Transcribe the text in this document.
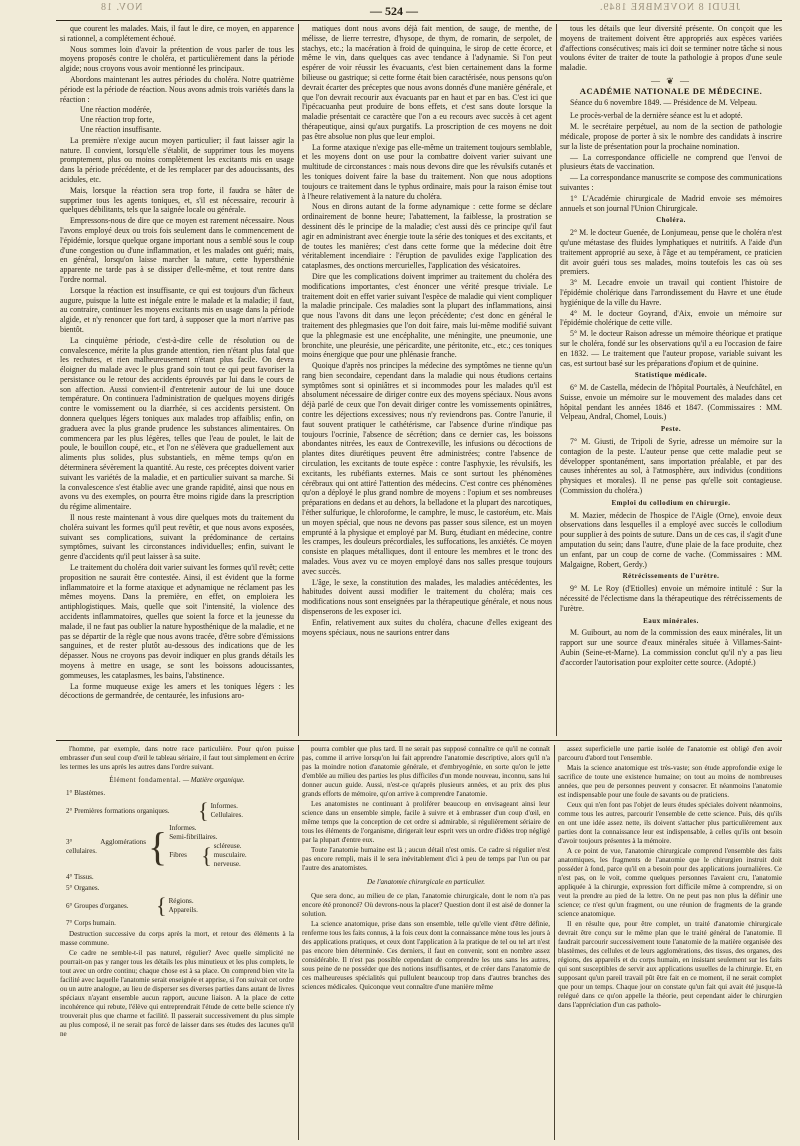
NOV. 18	— 524 —	JEUDI 8 NOVEMBRE 1849.

que courent les malades. Mais, il faut le dire, ce moyen, en apparence si rationnel, a complétement échoué.

Nous sommes loin d'avoir la prétention de vous parler de tous les moyens proposés contre le choléra, et particulièrement dans la période algide; nous croyons vous avoir mentionné les principaux.

Abordons maintenant les autres périodes du choléra. Notre quatrième période est la période de réaction. Nous avons admis trois variétés dans la réaction :

Une réaction modérée,
Une réaction trop forte,
Une réaction insuffisante.

La première n'exige aucun moyen particulier; il faut laisser agir la nature. Il convient, lorsqu'elle s'établit, de supprimer tous les moyens promptement, plus ou moins complètement les excitants mis en usage dans la période précédente, et de les remplacer par des adoucissants, des acidules, etc.

Mais, lorsque la réaction sera trop forte, il faudra se hâter de supprimer tous les agents toniques, et, s'il est nécessaire, recourir à quelques débilitants, tels que la saignée locale ou générale.

Empressons-nous de dire que ce moyen est rarement nécessaire. Nous l'avons employé deux ou trois fois seulement dans le commencement de l'épidémie, lorsque quelque organe important nous a semblé sous le coup d'une congestion ou d'une inflammation, et les malades ont guéri; mais, en général, lorsqu'on laisse marcher la nature, cette hypersthénie apparente ne tarde pas à se dissiper d'elle-même, et tout rentre dans l'ordre normal.

Lorsque la réaction est insuffisante, ce qui est toujours d'un fâcheux augure, puisque la lutte est inégale entre le malade et la maladie; il faut, au contraire, continuer les moyens excitants mis en usage dans la période algide, et n'y renoncer que fort tard, à supposer que la mort n'arrive pas bientôt.

La cinquième période, c'est-à-dire celle de résolution ou de convalescence, mérite la plus grande attention, rien n'étant plus fatal que les rechutes, et rien malheureusement n'étant plus facile. On devra éloigner du malade avec le plus grand soin tout ce qui peut favoriser la persistance ou le retour des accidents éprouvés par lui dans le cours de son affection. Aussi convient-il d'entretenir autour de lui une douce température. On continuera l'administration de quelques moyens dirigés contre le vomissement ou la diarrhée, si ces accidents persistent. On donnera quelques légers toniques aux malades trop affaiblis; enfin, on graduera avec la plus grande prudence les substances alimentaires. On commencera par les plus légères, telles que l'eau de poulet, le lait de poule, le bouillon coupé, etc., et l'on ne s'élèvera que graduellement aux aliments plus solides, plus substantiels, en même temps qu'on en déterminera sévèrement la quantité. Au reste, ces préceptes doivent varier suivant les variétés de la maladie, et en particulier suivant sa marche. Si la convalescence s'est établie avec une grande rapidité, ainsi que nous en avons vu des exemples, on pourra être moins rigide dans la prescription du régime alimentaire.

Il nous reste maintenant à vous dire quelques mots du traitement du choléra suivant les formes qu'il peut revêtir, et que nous avons exposées, suivant ses complications, suivant la prédominance de certains symptômes, suivant les circonstances individuelles; enfin, suivant le genre d'accidents qu'il peut laisser à sa suite.

Le traitement du choléra doit varier suivant les formes qu'il revêt; cette proposition ne saurait être contestée. Ainsi, il est évident que la forme inflammatoire et la forme ataxique et adynamique ne réclament pas les mêmes moyens. Dans la première, en effet, on emploiera les antiphlogistiques. Mais, quelle que soit l'intensité, la violence des accidents inflammatoires, quelles que soient la force et la jeunesse du malade, il ne faut pas oublier la nature hyposthénique de la maladie, et ne pas se départir de la règle que nous avons tracée, d'être sobre d'émissions sanguines, et de rester plutôt au-dessous des indications que de les dépasser. Nous ne croyons pas devoir indiquer en plus grands détails les moyens à mettre en usage, se sont les boissons adoucissantes, gommeuses, les cataplasmes, les bains, l'abstinence.

La forme muqueuse exige les amers et les toniques légers : les décoctions de germandrée, de centaurée, les infusions aro-

matiques dont nous avons déjà fait mention, de sauge, de menthe, de mélisse, de lierre terrestre, d'hysope, de thym, de romarin, de serpolet, de stachys, etc.; la macération à froid de quinquina, le sirop de cette écorce, et même le vin, dans quelques cas avec tendance à l'adynamie. Si l'on peut espérer de voir réussir les évacuants, c'est bien certainement dans la forme bilieuse ou gastrique; si cette forme était bien caractérisée, nous pensons qu'on devrait écarter des préceptes que nous avons donnés d'une manière générale, et que l'on devrait recourir aux évacuants par en haut et par en bas. C'est ici que l'ipécacuanha peut produire de bons effets, et c'est sans doute lorsque la maladie présentait ce caractère que l'on a eu recours avec succès à cet agent thérapeutique, ainsi qu'aux purgatifs. La proscription de ces moyens ne doit pas être absolue non plus que leur emploi.

La forme ataxique n'exige pas elle-même un traitement toujours semblable, et les moyens dont on use pour la combattre doivent varier suivant une multitude de circonstances : mais nous devons dire que les révulsifs cutanés et les toniques doivent faire la base du traitement. Non que nous adoptions toujours ce traitement dans le typhus ordinaire, mais pour la raison émise tout à l'heure relativement à la nature du choléra.

Nous en dirons autant de la forme adynamique : cette forme se déclare ordinairement de bonne heure; l'abattement, la faiblesse, la prostration se dessinent dès le principe de la maladie; c'est aussi dès ce principe qu'il faut agir en administrant avec énergie toute la série des toniques et des excitants, et de toutes les manières; c'est dans cette forme que la médecine doit être véritablement incendiaire : l'éruption de pavulides exige l'application des cataplasmes, des onctions mercurielles, l'application des vésicatoires.

Dire que les complications doivent imprimer au traitement du choléra des modifications importantes, c'est énoncer une vérité presque triviale. Le traitement doit en effet varier suivant l'espèce de maladie qui vient compliquer la maladie principale. Ces maladies sont la plupart des inflammations, ainsi que nous l'avons dit dans une leçon précédente; c'est donc en général le traitement des phlegmasies que l'on doit faire, mais lui-même modifié suivant que la phlegmasie est une encéphalite, une méningite, une pneumonie, une bronchite, une pleurésie, une péricardite, une péritonite, etc., etc.; ces toniques moins énergique que pour une phlénasie franche.

Quoique d'après nos principes la médecine des symptômes ne tienne qu'un rang bien secondaire, cependant dans la maladie qui nous étudions certains symptômes sont si opiniâtres et si incommodes pour les malades qu'il est absolument nécessaire de diriger contre eux des moyens spéciaux. Nous avons déjà parlé de ceux que l'on devait diriger contre les vomissements opiniâtres, contre les déjections excessives; nous n'y reviendrons pas. Contre l'anurie, il faut souvent pratiquer le cathétérisme, car l'absence d'urine n'indique pas toujours l'ocrinie, l'absence de sécrétion; dans ce dernier cas, les boissons abondantes nitrées, les eaux de Contrexeville, les infusions ou décoctions de plantes dites diurétiques peuvent être administrées; contre l'absence de circulation, les excitants de toute espèce : contre l'asphyxie, les révulsifs, les excitants, les rubéfiants externes. Mais ce sont surtout les phénomènes cérébraux qui ont attiré l'attention des médecins. C'est contre ces phénomènes qu'on a déployé le plus grand nombre de moyens : l'opium et ses nombreuses préparations en dedans et au dehors, la belladone et la plupart des narcotiques, l'éther sulfurique, le chloroforme, le camphre, le musc, le castoréum, etc. Mais un moyen spécial, que nous ne devons pas passer sous silence, est un moyen emprunté à la physique et employé par M. Burq, étudiant en médecine, contre les crampes, les douleurs précordiales, les suffocations, les anxiétés. Ce moyen consiste en plaques métalliques, dont il entoure les membres et le tronc des malades. Vous avez vu ce moyen employé dans nos salles presque toujours avec succès.

L'âge, le sexe, la constitution des malades, les maladies antécédentes, les habitudes doivent aussi modifier le traitement du choléra; mais ces modifications nous sont enseignées par la thérapeutique générale, et nous nous dispenserons de les exposer ici.

Enfin, relativement aux suites du choléra, chacune d'elles exigeant des moyens spéciaux, nous ne saurions entrer dans

tous les détails que leur diversité présente. On conçoit que les moyens de traitement doivent être appropriés aux espèces variées d'affections consécutives; mais ici doit se terminer notre tâche si nous voulons éviter de traiter de toute la pathologie à propos d'une seule maladie.

— ❦ —

ACADÉMIE NATIONALE DE MÉDECINE.

Séance du 6 novembre 1849. — Présidence de M. Velpeau.

Le procès-verbal de la dernière séance est lu et adopté.

M. le secrétaire perpétuel, au nom de la section de pathologie médicale, propose de porter à six le nombre des candidats à inscrire sur la liste de présentation pour la prochaine nomination.

— La correspondance officielle ne comprend que l'envoi de plusieurs états de vaccination.

— La correspondance manuscrite se compose des communications suivantes :

1° L'Académie chirurgicale de Madrid envoie ses mémoires annuels et son journal l'Union Chirurgicale.

Choléra.

2° M. le docteur Guenée, de Lonjumeau, pense que le choléra n'est qu'une métastase des fluides lymphatiques et nutritifs. A l'aide d'un traitement approprié au sexe, à l'âge et au tempérament, ce praticien dit avoir guéri tous ses malades, moins toutefois les cas où ses premiers.

3° M. Lecadre envoie un travail qui contient l'histoire de l'épidémie cholérique dans l'arrondissement du Havre et une étude hygiénique de la ville du Havre.

4° M. le docteur Goyrand, d'Aix, envoie un mémoire sur l'épidémie cholérique de cette ville.

5° M. le docteur Raison adresse un mémoire théorique et pratique sur le choléra, fondé sur les observations qu'il a eu l'occasion de faire en 1832. — Le traitement que l'auteur propose, variable suivant les cas, est surtout basé sur les préparations d'opium et de quinine.

Statistique médicale.

6° M. de Castella, médecin de l'hôpital Pourtalès, à Neufchâtel, en Suisse, envoie un mémoire sur le mouvement des malades dans cet hôpital pendant les années 1846 et 1847. (Commissaires : MM. Velpeau, Andral, Chomel, Louis.)

Peste.

7° M. Giusti, de Tripoli de Syrie, adresse un mémoire sur la contagion de la peste. L'auteur pense que cette maladie peut se développer spontanément, sans importation préalable, et par des causes inhérentes au sol, à l'atmosphère, aux individus (conditions physiques et morales). Il ne pense pas qu'elle soit contagieuse. (Commission du choléra.)

Emploi du collodium en chirurgie.

M. Mazier, médecin de l'hospice de l'Aigle (Orne), envoie deux observations dans lesquelles il a employé avec succès le collodium pour supplier à des points de suture. Dans un de ces cas, il s'agit d'une amputation du sein; dans l'autre, d'une plaie de la face produite, chez un enfant, par un coup de corne de vache. (Commissaires : MM. Malgaigne, Robert, Gerdy.)

Rétrécissements de l'urètre.

9° M. Le Roy (d'Etiolles) envoie un mémoire intitulé : Sur la nécessité de l'éclectisme dans la thérapeutique des rétrécissements de l'urètre.

Eaux minérales.

M. Guibourt, au nom de la commission des eaux minérales, lit un rapport sur une source d'eaux minérales située à Villames-Saint-Aubin (Seine-et-Marne). La commission conclut qu'il n'y a pas lieu d'accorder l'autorisation pour exploiter cette source. (Adopté.)

l'homme, par exemple, dans notre race particulière. Pour qu'on puisse embrasser d'un seul coup d'œil le tableau sériaire, il faut tout simplement en écrire les termes les uns après les autres dans l'ordre suivant.

Élément fondamental. — Matière organique.

1° Blastèmes.
2° Premières formations organiques.	{ Informes.
Cellulaires.
3° Agglomérations cellulaires.	{ Informes.
Semi-fibrillaires.
Fibres { scléreuse.
musculaire.
nerveuse.
4° Tissus.
5° Organes.
6° Groupes d'organes.	{ Régions.
Appareils.
7° Corps humain.

Destruction successive du corps après la mort, et retour des éléments à la masse commune.

Ce cadre ne semble-t-il pas naturel, régulier? Avec quelle simplicité ne pourrait-on pas y ranger tous les détails les plus minutieux et les plus complets, le tout avec un ordre continu; chaque chose est à sa place. On comprend bien vite la facilité avec laquelle l'anatomie serait enseignée et apprise, si l'on suivait cet ordre ou un autre analogue, au lieu de disperser ses diverses parties dans autant de livres spéciaux n'ayant ensemble aucun rapport, aucune liaison. A la place de cette incohérence qui rebute, l'élève qui entreprendrait l'étude de cette belle science n'y trouverait plus que charme et facilité. Il passerait successivement du plus simple au plus composé, il ne serait pas forcé de laisser dans ses études des lacunes qu'il ne

pourra combler que plus tard. Il ne serait pas supposé connaître ce qu'il ne connaît pas, comme il arrive lorsqu'on lui fait apprendre l'anatomie descriptive, alors qu'il n'a pas la moindre notion d'anatomie générale, et d'embryogénie, en sorte qu'on le jette d'emblée au milieu des parties les plus difficiles d'un monde nouveau, inconnu, sans lui donner aucun guide. Aussi, n'est-ce qu'après plusieurs années, et au prix des plus grands efforts de mémoire, qu'on arrive à comprendre l'anatomie.

Les anatomistes ne continuant à proliférer beaucoup en envisageant ainsi leur science dans un ensemble simple, facile à suivre et à embrasser d'un coup d'œil, en même temps que la conception de cet ordre si admirable, si régulièrement sériaire de tous les éléments de l'organisme, dirigerait leur esprit vers un ordre d'idées trop négligé par la plupart d'entre eux.

Toute l'anatomie humaine est là ; aucun détail n'est omis. Ce cadre si régulier n'est pas encore rempli, mais il le sera inévitablement d'ici à peu de temps par l'un ou par l'autre des anatomistes.

De l'anatomie chirurgicale en particulier.

Que sera donc, au milieu de ce plan, l'anatomie chirurgicale, dont le nom n'a pas encore été prononcé? Où devrons-nous la placer? Question dont il est aisé de donner la solution.

La science anatomique, prise dans son ensemble, telle qu'elle vient d'être définie, renferme tous les faits connus, à la fois ceux dont la connaissance mène tous les jours à des applications pratiques, et ceux dont l'application à la pratique de tel ou tel art n'est pas encore bien déterminée. Ces derniers, il faut en convenir, sont en nombre assez considérable. Il n'est pas possible cependant de comprendre les uns sans les autres, sous peine de ne posséder que des notions insuffisantes, et de créer dans l'anatomie de ces malheureuses spécialités qui pullulent beaucoup trop dans d'autres branches des sciences médicales. Quiconque veut connaître d'une manière même

assez superficielle une partie isolée de l'anatomie est obligé d'en avoir parcouru d'abord tout l'ensemble.

Mais la science anatomique est très-vaste; son étude approfondie exige le sacrifice de toute une existence humaine; on tout au moins de nombreuses années, que peu de personnes peuvent y consacrer. Et néanmoins l'anatomie est indispensable pour une foule de savants ou de praticiens.

Ceux qui n'en font pas l'objet de leurs études spéciales doivent néanmoins, comme tous les autres, parcourir l'ensemble de cette science. Puis, dès qu'ils en ont une idée assez nette, ils doivent s'attacher plus particulièrement aux parties dont la connaissance leur est indispensable, à celles qu'ils ont besoin d'avoir toujours présentes à la mémoire.

A ce point de vue, l'anatomie chirurgicale comprend l'ensemble des faits anatomiques, les fragments de l'anatomie que le chirurgien instruit doit posséder à fond, parce qu'il en a besoin pour des applications journalières. Ce n'est pas, on le voit, comme quelques personnes l'avaient cru, l'anatomie appliquée à la chirurgie, expression fort difficile même à comprendre, si on veut la prendre au pied de la lettre. On ne peut pas non plus la définir une science; ce n'est qu'un fragment, ou une réunion de fragments de la grande science anatomique.

Il en résulte que, pour être complet, un traité d'anatomie chirurgicale devrait être conçu sur le même plan que le traité général de l'anatomie. Il faudrait parcourir successivement toute l'anatomie de la matière organisée des blastèmes, des cellules et de leurs agglomérations, des tissus, des organes, des régions, des appareils et du corps humain, en insistant seulement sur les faits qui sont susceptibles de servir aux applications usuelles de la chirurgie. Et, en supposant qu'un pareil travail pût être fait en ce moment, il ne serait complet que pour un temps. Chaque jour on constate qu'un fait qui avait été jusque-là relégué dans ce qu'on appelle la théorie, peut cependant aider le chirurgien dans l'appréciation d'un cas patholo-
